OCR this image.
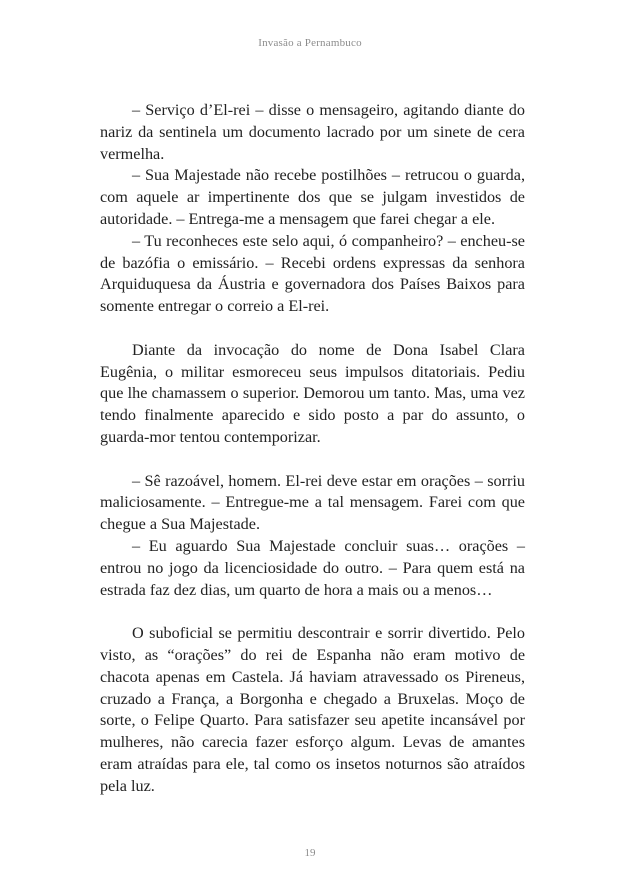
Invasão a Pernambuco

– Serviço d’El-rei – disse o mensageiro, agitando diante do nariz da sentinela um documento lacrado por um sinete de cera vermelha.

– Sua Majestade não recebe postilhões – retrucou o guarda, com aquele ar impertinente dos que se julgam investidos de autoridade. – Entrega-me a mensagem que farei chegar a ele.

– Tu reconheces este selo aqui, ó companheiro? – encheu-se de bazófia o emissário. – Recebi ordens expressas da senhora Arquiduquesa da Áustria e governadora dos Países Baixos para somente entregar o correio a El-rei.

Diante da invocação do nome de Dona Isabel Clara Eugênia, o militar esmoreceu seus impulsos ditatoriais. Pediu que lhe chamassem o superior. Demorou um tanto. Mas, uma vez tendo finalmente aparecido e sido posto a par do assunto, o guarda-mor tentou contemporizar.

– Sê razoável, homem. El-rei deve estar em orações – sorriu maliciosamente. – Entregue-me a tal mensagem. Farei com que chegue a Sua Majestade.

– Eu aguardo Sua Majestade concluir suas… orações – entrou no jogo da licenciosidade do outro. – Para quem está na estrada faz dez dias, um quarto de hora a mais ou a menos…

O suboficial se permitiu descontrair e sorrir divertido. Pelo visto, as “orações” do rei de Espanha não eram motivo de chacota apenas em Castela. Já haviam atravessado os Pireneus, cruzado a França, a Borgonha e chegado a Bruxelas. Moço de sorte, o Felipe Quarto. Para satisfazer seu apetite incansável por mulheres, não carecia fazer esforço algum. Levas de amantes eram atraídas para ele, tal como os insetos noturnos são atraídos pela luz.

19
